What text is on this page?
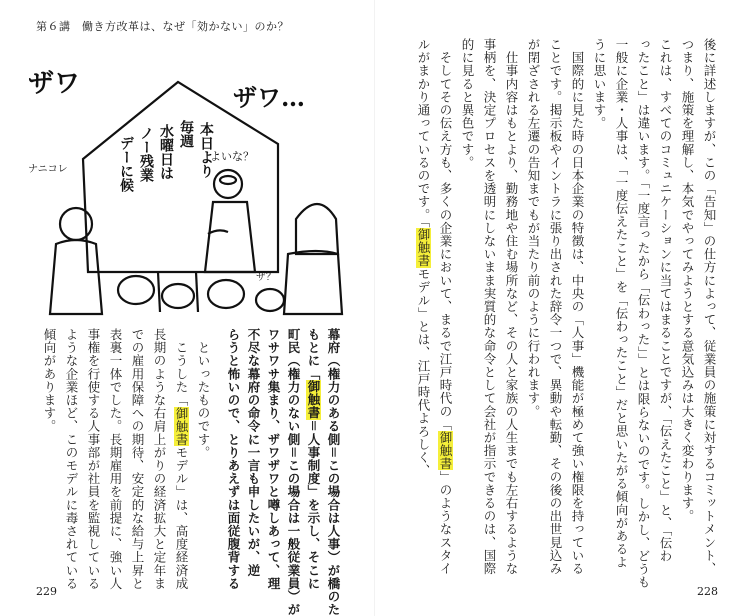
第６講　働き方改革は、なぜ「効かない」のか？
ザワ	ザワ…
よいな？
ナニコレ
ザ？
本日より
毎週
水曜日は
ノー残業
デーに候
幕府（権力のある側＝この場合は人事）が橋のた
もとに「御触書＝人事制度」を示し、そこに
町民（権力のない側＝この場合は一般従業員）が
ワサワサ集まり、ザワザワと噂しあって、理
不尽な幕府の命令に一言も申したいが、逆
らうと怖いので、とりあえずは面従腹背する
　といったものです。
　こうした「御触書モデル」は、高度経済成
長期のような右肩上がりの経済拡大と定年ま
での雇用保障への期待、安定的な給与上昇と
表裏一体でした。長期雇用を前提に、強い人
事権を行使する人事部が社員を監視している
ような企業ほど、このモデルに毒されている
傾向があります。
229
後に詳述しますが、この「告知」の仕方によって、従業員の施策に対するコミットメント、
つまり、施策を理解し、本気でやってみようとする意気込みは大きく変わります。
これは、すべてのコミュニケーションに当てはまることですが、「伝えたこと」と、「伝わ
ったこと」は違います。「一度言ったから「伝わった」」とは限らないのです。しかし、どうも
一般に企業・人事は、「一度伝えたこと」を「伝わったこと」だと思いたがる傾向があるよ
うに思います。
　国際的に見た時の日本企業の特徴は、中央の「人事」機能が極めて強い権限を持っている
ことです。掲示板やイントラに張り出された辞令一つで、異動や転勤、その後の出世見込み
が閉ざされる左遷の告知までもが当たり前のように行われます。
　仕事内容はもとより、勤務地や住む場所など、その人と家族の人生までも左右するような
事柄を、決定プロセスを透明にしないまま実質的な命令として会社が指示できるのは、国際
的に見ると異色です。
　そしてその伝え方も、多くの企業において、まるで江戸時代の「御触書」のようなスタイ
ルがまかり通っているのです。「御触書モデル」とは、江戸時代よろしく、
228
